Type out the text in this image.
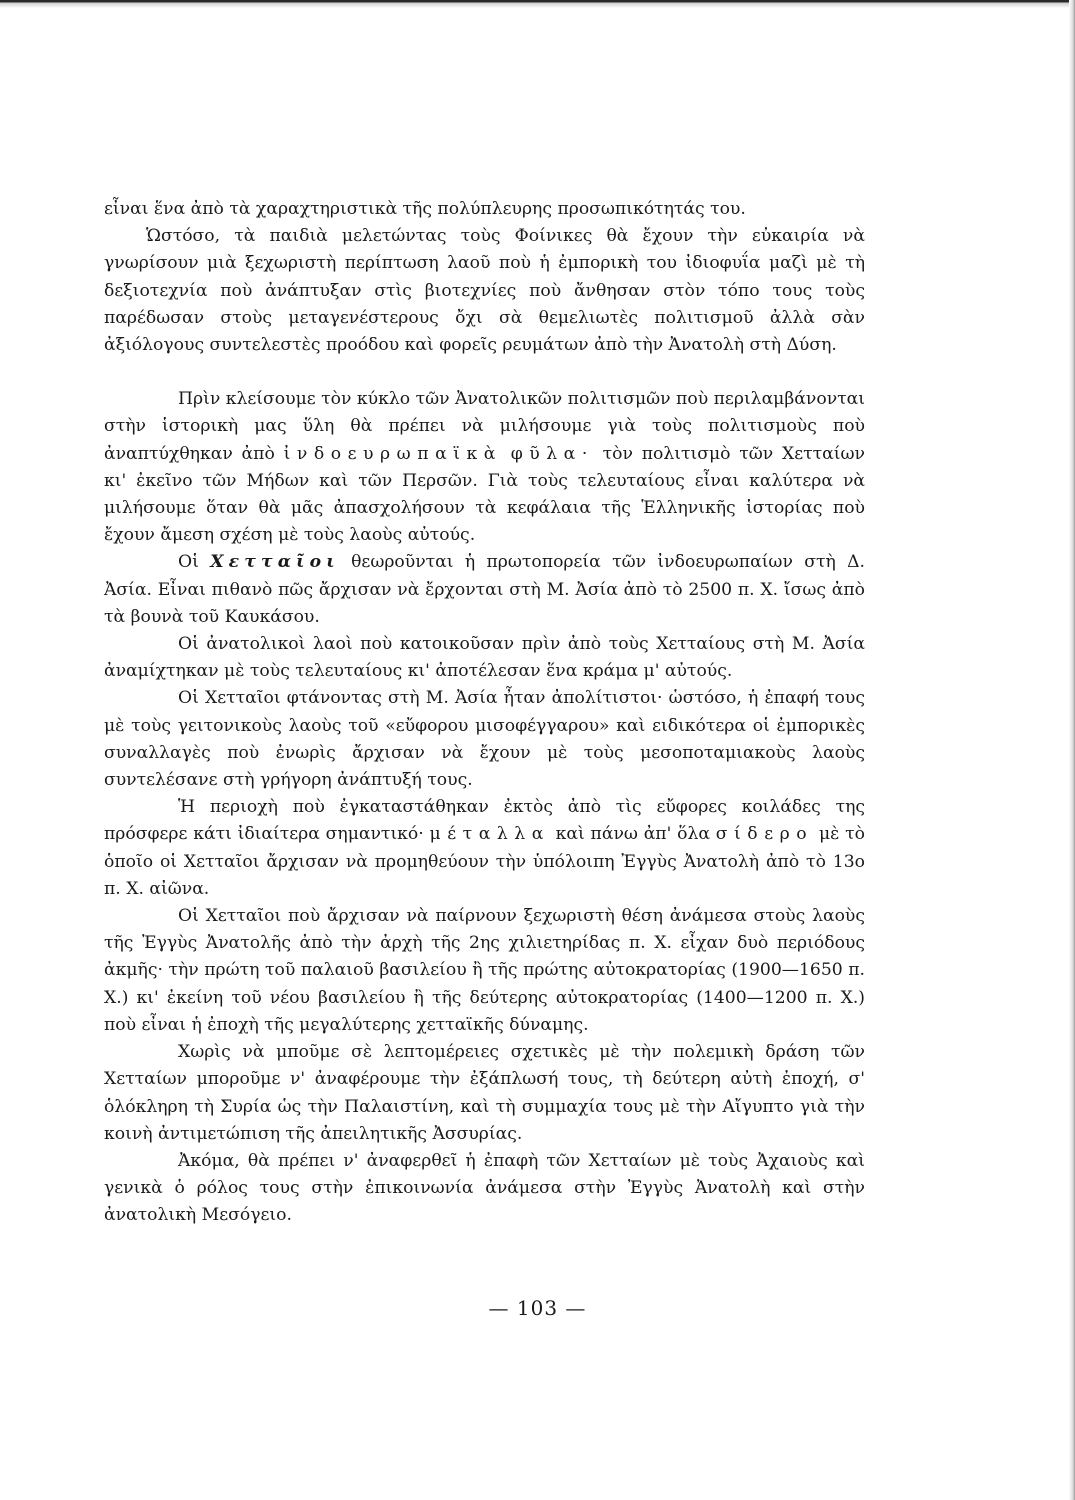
εἶναι ἕνα ἀπὸ τὰ χαραχτηριστικὰ τῆς πολύπλευρης προσωπικότητάς του.

Ὡστόσο, τὰ παιδιὰ μελετώντας τοὺς Φοίνικες θὰ ἔχουν τὴν εὐκαιρία νὰ γνωρίσουν μιὰ ξεχωριστὴ περίπτωση λαοῦ ποὺ ἡ ἐμπορικὴ του ἰδιοφυΐα μαζὶ μὲ τὴ δεξιοτεχνία ποὺ ἀνάπτυξαν στὶς βιοτεχνίες ποὺ ἄνθησαν στὸν τόπο τους τοὺς παρέδωσαν στοὺς μεταγενέστερους ὄχι σὰ θεμελιωτὲς πολιτισμοῦ ἀλλὰ σὰν ἀξιόλογους συντελεστὲς προόδου καὶ φορεῖς ρευμάτων ἀπὸ τὴν Ἀνατολὴ στὴ Δύση.

Πρὶν κλείσουμε τὸν κύκλο τῶν Ἀνατολικῶν πολιτισμῶν ποὺ περιλαμβάνονται στὴν ἱστορικὴ μας ὕλη θὰ πρέπει νὰ μιλήσουμε γιὰ τοὺς πολιτισμοὺς ποὺ ἀναπτύχθηκαν ἀπὸ ἰνδοευρωπαϊκὰ φῦλα· τὸν πολιτισμὸ τῶν Χετταίων κι' ἐκεῖνο τῶν Μήδων καὶ τῶν Περσῶν. Γιὰ τοὺς τελευταίους εἶναι καλύτερα νὰ μιλήσουμε ὅταν θὰ μᾶς ἀπασχολήσουν τὰ κεφάλαια τῆς Ἑλληνικῆς ἱστορίας ποὺ ἔχουν ἄμεση σχέση μὲ τοὺς λαοὺς αὐτούς.

Οἱ Χετταῖοι θεωροῦνται ἡ πρωτοπορεία τῶν ἰνδοευρωπαίων στὴ Δ. Ἀσία. Εἶναι πιθανὸ πῶς ἄρχισαν νὰ ἔρχονται στὴ Μ. Ἀσία ἀπὸ τὸ 2500 π. Χ. ἴσως ἀπὸ τὰ βουνὰ τοῦ Καυκάσου.

Οἱ ἀνατολικοὶ λαοὶ ποὺ κατοικοῦσαν πρὶν ἀπὸ τοὺς Χετταίους στὴ Μ. Ἀσία ἀναμίχτηκαν μὲ τοὺς τελευταίους κι' ἀποτέλεσαν ἕνα κράμα μ' αὐτούς.

Οἱ Χετταῖοι φτάνοντας στὴ Μ. Ἀσία ἦταν ἀπολίτιστοι· ὡστόσο, ἡ ἐπαφή τους μὲ τοὺς γειτονικοὺς λαοὺς τοῦ «εὔφορου μισοφέγγαρου» καὶ ειδικότερα οἱ ἐμπορικὲς συναλλαγὲς ποὺ ἐνωρὶς ἄρχισαν νὰ ἔχουν μὲ τοὺς μεσοποταμιακοὺς λαοὺς συντελέσανε στὴ γρήγορη ἀνάπτυξή τους.

Ἡ περιοχὴ ποὺ ἐγκαταστάθηκαν ἐκτὸς ἀπὸ τὶς εὔφορες κοιλάδες της πρόσφερε κάτι ἰδιαίτερα σημαντικό· μέταλλα καὶ πάνω ἀπ' ὅλα σίδερο μὲ τὸ ὁποῖο οἱ Χετταῖοι ἄρχισαν νὰ προμηθεύουν τὴν ὑπόλοιπη Ἐγγὺς Ἀνατολὴ ἀπὸ τὸ 13ο π. Χ. αἰῶνα.

Οἱ Χετταῖοι ποὺ ἄρχισαν νὰ παίρνουν ξεχωριστὴ θέση ἀνάμεσα στοὺς λαοὺς τῆς Ἐγγὺς Ἀνατολῆς ἀπὸ τὴν ἀρχὴ τῆς 2ης χιλιετηρίδας π. Χ. εἶχαν δυὸ περιόδους ἀκμῆς· τὴν πρώτη τοῦ παλαιοῦ βασιλείου ἢ τῆς πρώτης αὐτοκρατορίας (1900—1650 π. Χ.) κι' ἐκείνη τοῦ νέου βασιλείου ἢ τῆς δεύτερης αὐτοκρατορίας (1400—1200 π. Χ.) ποὺ εἶναι ἡ ἐποχὴ τῆς μεγαλύτερης χετταϊκῆς δύναμης.

Χωρὶς νὰ μποῦμε σὲ λεπτομέρειες σχετικὲς μὲ τὴν πολεμικὴ δράση τῶν Χετταίων μποροῦμε ν' ἀναφέρουμε τὴν ἐξάπλωσή τους, τὴ δεύτερη αὐτὴ ἐποχή, σ' ὁλόκληρη τὴ Συρία ὡς τὴν Παλαιστίνη, καὶ τὴ συμμαχία τους μὲ τὴν Αἴγυπτο γιὰ τὴν κοινὴ ἀντιμετώπιση τῆς ἀπειλητικῆς Ἀσσυρίας.

Ἀκόμα, θὰ πρέπει ν' ἀναφερθεῖ ἡ ἐπαφὴ τῶν Χετταίων μὲ τοὺς Ἀχαιοὺς καὶ γενικὰ ὁ ρόλος τους στὴν ἐπικοινωνία ἀνάμεσα στὴν Ἐγγὺς Ἀνατολὴ καὶ στὴν ἀνατολικὴ Μεσόγειο.

— 103 —
